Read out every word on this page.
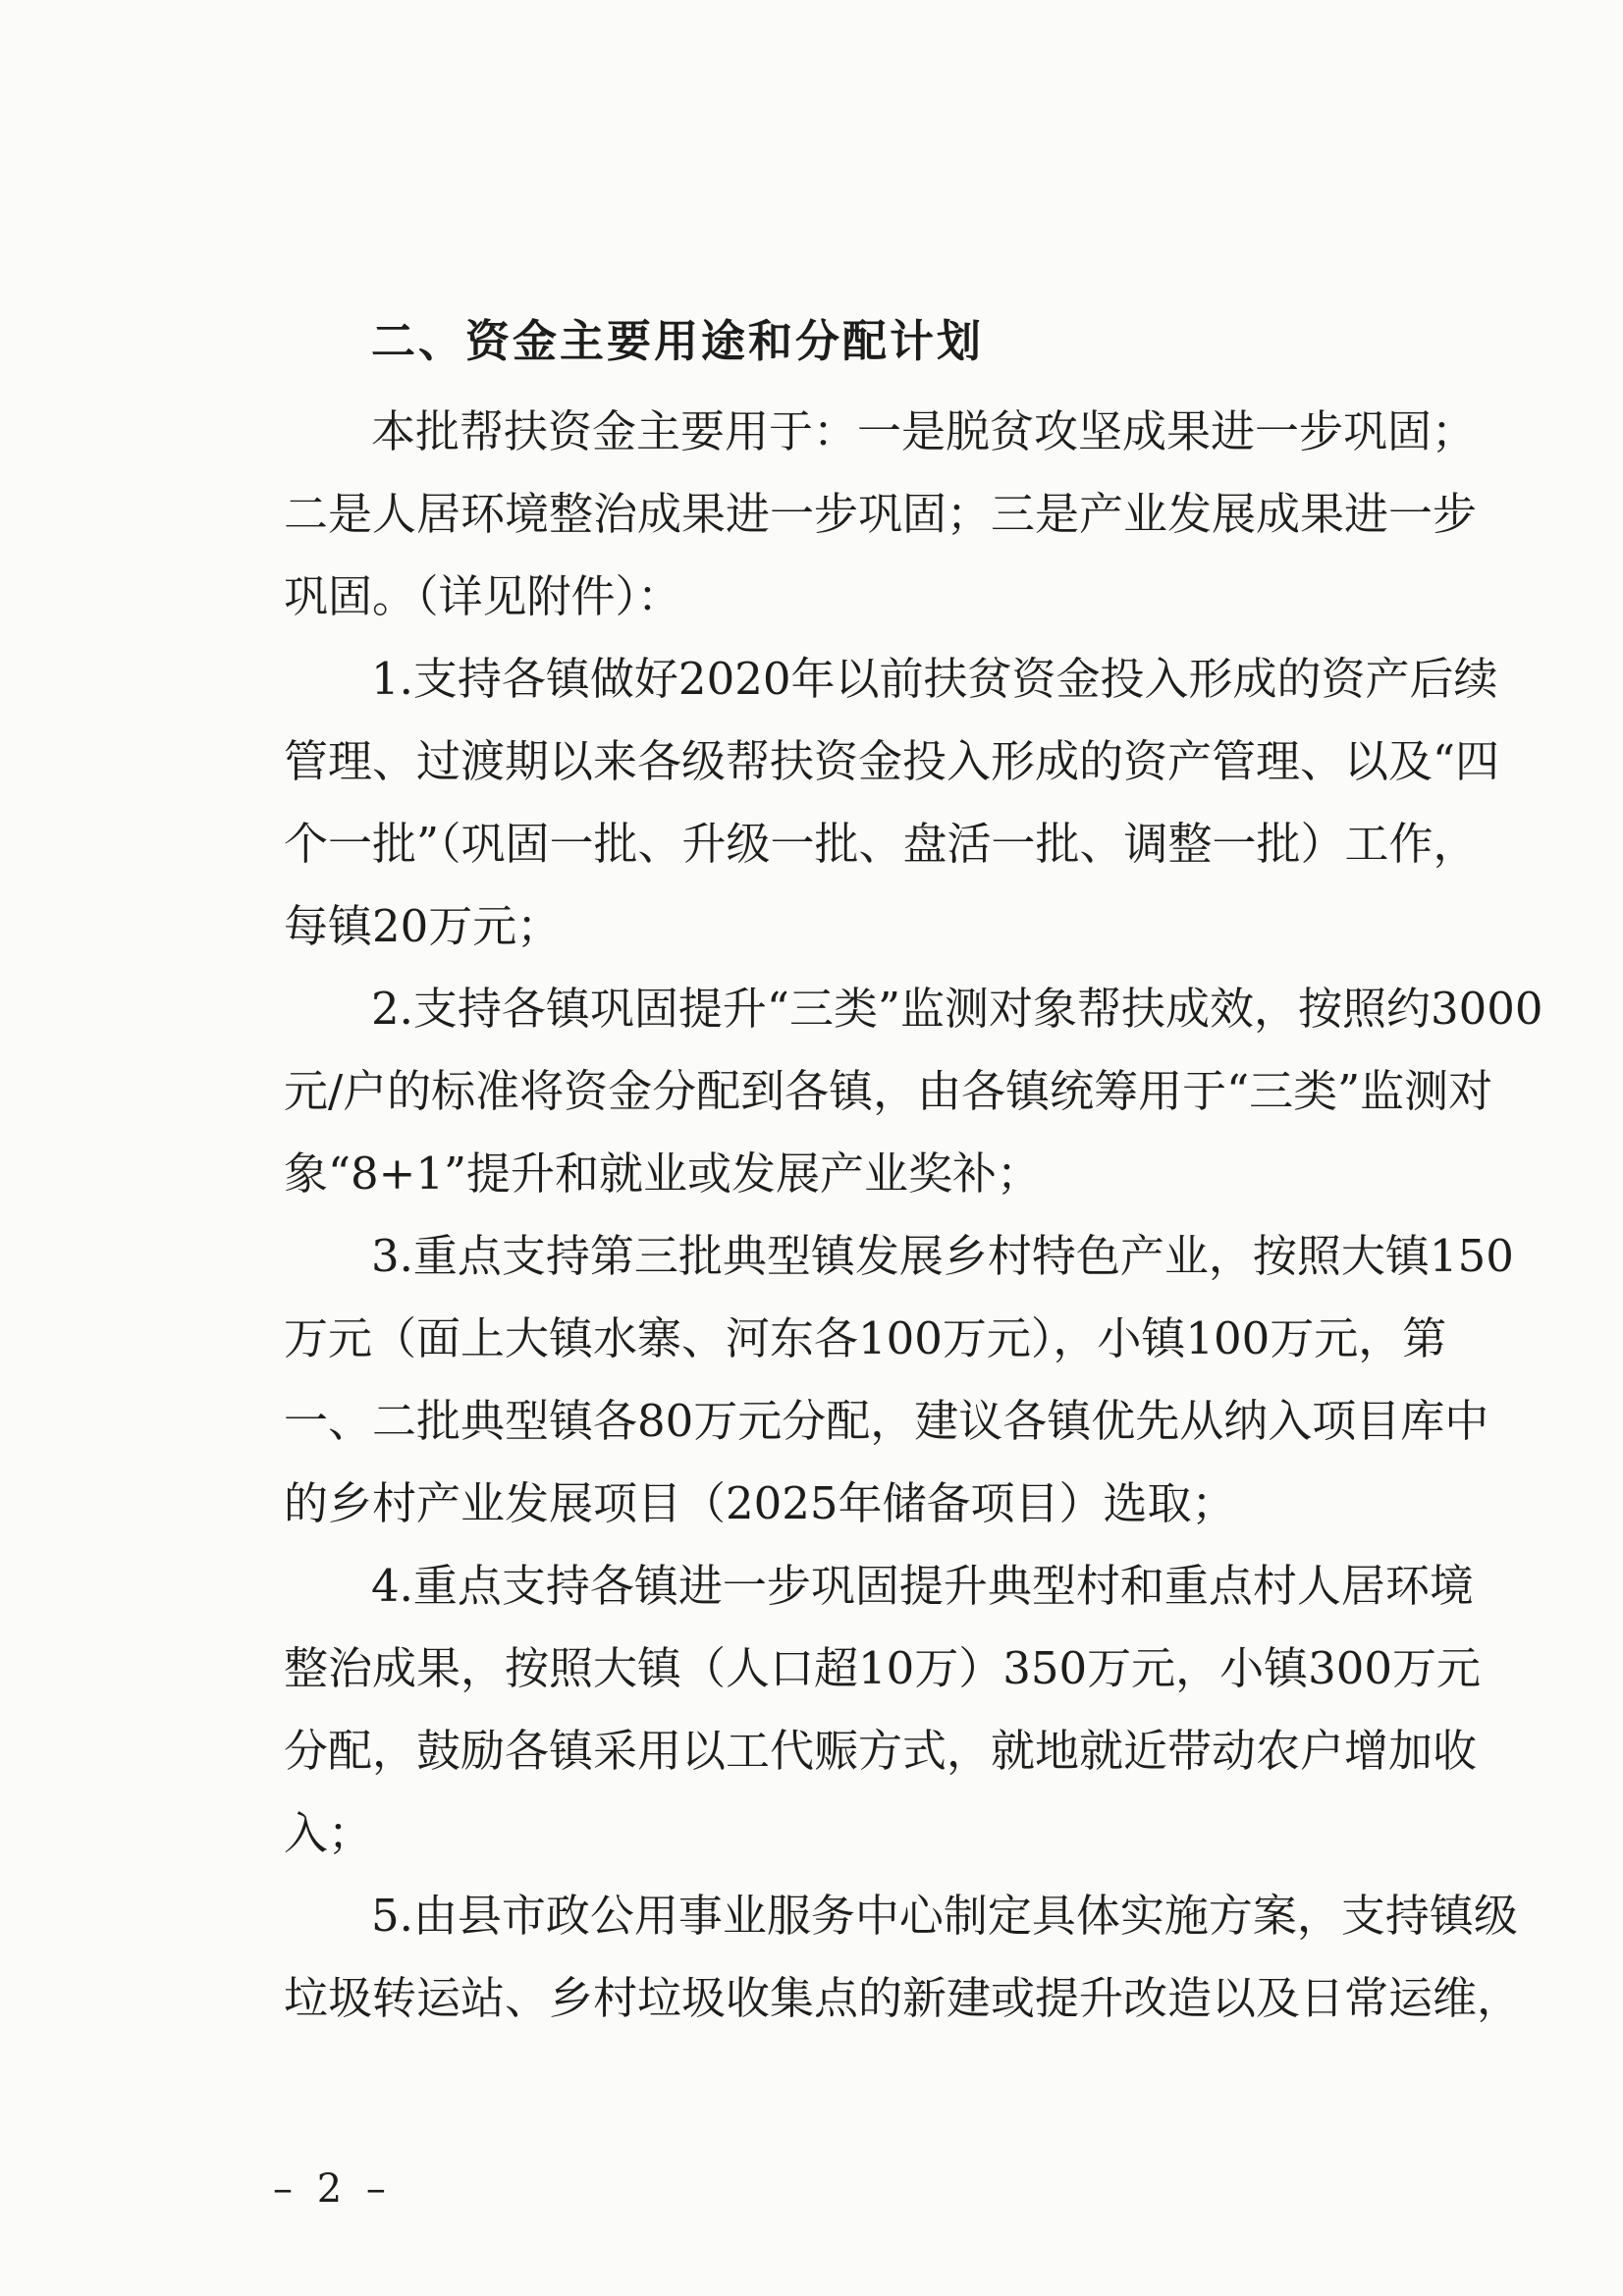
二、资金主要用途和分配计划
本批帮扶资金主要用于：一是脱贫攻坚成果进一步巩固；
二是人居环境整治成果进一步巩固；三是产业发展成果进一步
巩固。（详见附件）：
1.支持各镇做好2020年以前扶贫资金投入形成的资产后续
管理、过渡期以来各级帮扶资金投入形成的资产管理、以及“四
个一批”（巩固一批、升级一批、盘活一批、调整一批）工作，
每镇20万元；
2.支持各镇巩固提升“三类”监测对象帮扶成效，按照约3000
元/户的标准将资金分配到各镇，由各镇统筹用于“三类”监测对
象“8+1”提升和就业或发展产业奖补；
3.重点支持第三批典型镇发展乡村特色产业，按照大镇150
万元（面上大镇水寨、河东各100万元），小镇100万元，第
一、二批典型镇各80万元分配，建议各镇优先从纳入项目库中
的乡村产业发展项目（2025年储备项目）选取；
4.重点支持各镇进一步巩固提升典型村和重点村人居环境
整治成果，按照大镇（人口超10万）350万元，小镇300万元
分配，鼓励各镇采用以工代赈方式，就地就近带动农户增加收
入；
5.由县市政公用事业服务中心制定具体实施方案，支持镇级
垃圾转运站、乡村垃圾收集点的新建或提升改造以及日常运维，
– 2 –
